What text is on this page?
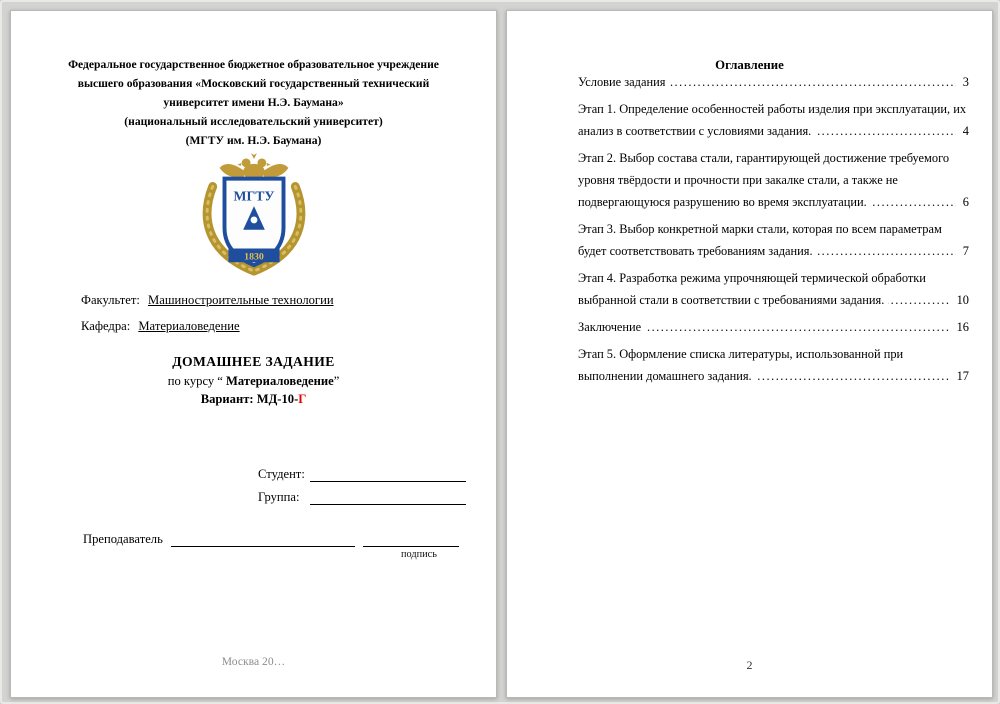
Федеральное государственное бюджетное образовательное учреждение
высшего образования «Московский государственный технический
университет имени Н.Э. Баумана»
(национальный исследовательский университет)
(МГТУ им. Н.Э. Баумана)
МГТУ
1830
Факультет: Машиностроительные технологии
Кафедра: Материаловедение
ДОМАШНЕЕ ЗАДАНИЕ
по курсу “ Материаловедение”
Вариант: МД-10-Г
Студент:
Группа:
Преподаватель
подпись
Москва 20…
Оглавление
.....
Условие задания	3
.....
Этап 1. Определение особенностей работы изделия при эксплуатации, их анализ в соответствии с условиями задания.	4
.....
Этап 2. Выбор состава стали, гарантирующей достижение требуемого уровня твёрдости и прочности при закалке стали, а также не подвергающуюся разрушению во время эксплуатации.	6
.....
Этап 3. Выбор конкретной марки стали, которая по всем параметрам будет соответствовать требованиям задания.	7
.....
Этап 4. Разработка режима упрочняющей термической обработки выбранной стали в соответствии с требованиями задания.	10
.....
Заключение	16
.....
Этап 5. Оформление списка литературы, использованной при выполнении домашнего задания.	17
2
